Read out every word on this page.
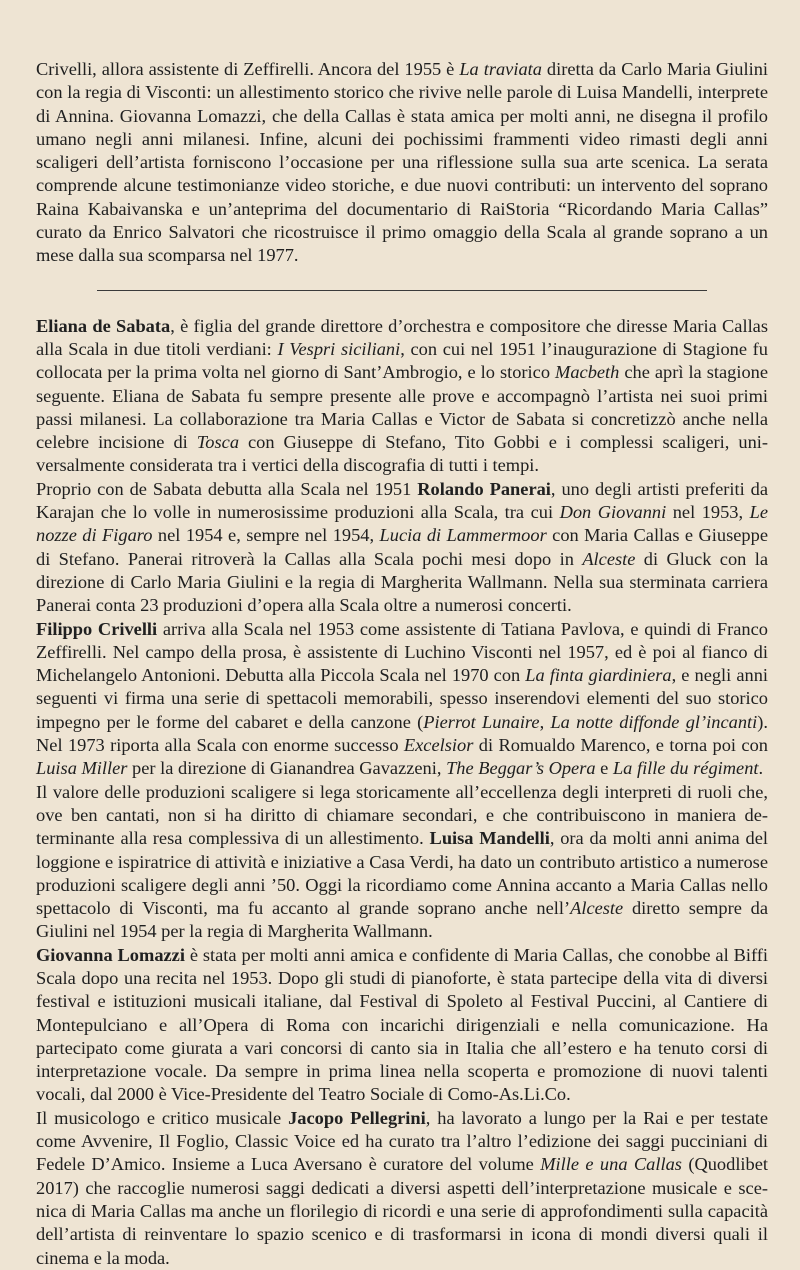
Crivelli, allora assistente di Zeffirelli. Ancora del 1955 è La traviata diretta da Carlo Maria Giulini con la regia di Visconti: un allestimento storico che rivive nelle parole di Luisa Mandelli, interprete di Annina. Giovanna Lomazzi, che della Callas è stata amica per molti anni, ne disegna il profilo umano negli anni milanesi. Infine, alcuni dei pochissimi frammenti video rimasti degli anni scaligeri dell’artista forniscono l’occasione per una riflessione sulla sua arte scenica. La serata comprende alcune testimonianze video storiche, e due nuovi contributi: un intervento del soprano Raina Kabaivanska e un’anteprima del documentario di RaiStoria “Ricordando Maria Callas” curato da Enrico Salvatori che ricostruisce il primo omaggio della Scala al grande soprano a un mese dalla sua scomparsa nel 1977.

Eliana de Sabata, è figlia del grande direttore d’orchestra e compositore che diresse Maria Callas alla Scala in due titoli verdiani: I Vespri siciliani, con cui nel 1951 l’inaugurazione di Stagione fu collocata per la prima volta nel giorno di Sant’Ambrogio, e lo storico Macbeth che aprì la stagione seguente. Eliana de Sabata fu sempre presente alle prove e accompagnò l’artista nei suoi primi passi milanesi. La collaborazione tra Maria Callas e Victor de Sabata si concretizzò anche nella celebre incisione di Tosca con Giuseppe di Stefano, Tito Gobbi e i complessi scaligeri, universalmente considerata tra i vertici della discografia di tutti i tempi.

Proprio con de Sabata debutta alla Scala nel 1951 Rolando Panerai, uno degli artisti preferiti da Karajan che lo volle in numerosissime produzioni alla Scala, tra cui Don Giovanni nel 1953, Le nozze di Figaro nel 1954 e, sempre nel 1954, Lucia di Lammermoor con Maria Callas e Giuseppe di Stefano. Panerai ritroverà la Callas alla Scala pochi mesi dopo in Alceste di Gluck con la direzione di Carlo Maria Giulini e la regia di Margherita Wallmann. Nella sua sterminata carriera Panerai conta 23 produzioni d’opera alla Scala oltre a numerosi concerti.

Filippo Crivelli arriva alla Scala nel 1953 come assistente di Tatiana Pavlova, e quindi di Franco Zeffirelli. Nel campo della prosa, è assistente di Luchino Visconti nel 1957, ed è poi al fianco di Michelangelo Antonioni. Debutta alla Piccola Scala nel 1970 con La finta giardiniera, e negli anni seguenti vi firma una serie di spettacoli memorabili, spesso inserendovi elementi del suo storico impegno per le forme del cabaret e della canzone (Pierrot Lunaire, La notte diffonde gl’incanti). Nel 1973 riporta alla Scala con enorme successo Excelsior di Romualdo Marenco, e torna poi con Luisa Miller per la direzione di Gianandrea Gavazzeni, The Beggar’s Opera e La fille du régiment.

Il valore delle produzioni scaligere si lega storicamente all’eccellenza degli interpreti di ruoli che, ove ben cantati, non si ha diritto di chiamare secondari, e che contribuiscono in maniera determinante alla resa complessiva di un allestimento. Luisa Mandelli, ora da molti anni anima del loggione e ispiratrice di attività e iniziative a Casa Verdi, ha dato un contributo artistico a numerose produzioni scaligere degli anni ’50. Oggi la ricordiamo come Annina accanto a Maria Callas nello spettacolo di Visconti, ma fu accanto al grande soprano anche nell’Alceste diretto sempre da Giulini nel 1954 per la regia di Margherita Wallmann.

Giovanna Lomazzi è stata per molti anni amica e confidente di Maria Callas, che conobbe al Biffi Scala dopo una recita nel 1953. Dopo gli studi di pianoforte, è stata partecipe della vita di diversi festival e istituzioni musicali italiane, dal Festival di Spoleto al Festival Puccini, al Cantiere di Montepulciano e all’Opera di Roma con incarichi dirigenziali e nella comunicazione. Ha partecipato come giurata a vari concorsi di canto sia in Italia che all’estero e ha tenuto corsi di interpretazione vocale. Da sempre in prima linea nella scoperta e promozione di nuovi talenti vocali, dal 2000 è Vice-Presidente del Teatro Sociale di Como-As.Li.Co.

Il musicologo e critico musicale Jacopo Pellegrini, ha lavorato a lungo per la Rai e per testate come Avvenire, Il Foglio, Classic Voice ed ha curato tra l’altro l’edizione dei saggi pucciniani di Fedele D’Amico. Insieme a Luca Aversano è curatore del volume Mille e una Callas (Quodlibet 2017) che raccoglie numerosi saggi dedicati a diversi aspetti dell’interpretazione musicale e scenica di Maria Callas ma anche un florilegio di ricordi e una serie di approfondimenti sulla capacità dell’artista di reinventare lo spazio scenico e di trasformarsi in icona di mondi diversi quali il cinema e la moda.
